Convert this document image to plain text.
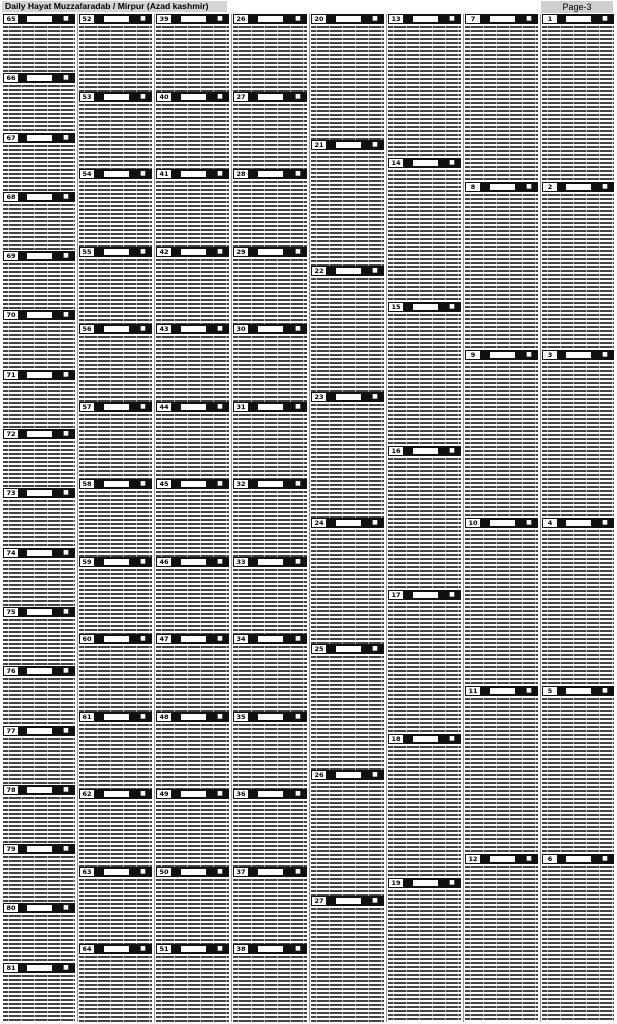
Daily Hayat Muzzafaradab / Mirpur (Azad kashmir)	Page-3
65	■
66	■
67	■
68	■
69	■
70	■
71	■
72	■
73	■
74	■
75	■
76	■
77	■
78	■
79	■
80	■
81	■
52	■
53	■
54	■
55	■
56	■
57	■
58	■
59	■
60	■
61	■
62	■
63	■
64	■
39	■
40	■
41	■
42	■
43	■
44	■
45	■
46	■
47	■
48	■
49	■
50	■
51	■
26	■
27	■
28	■
29	■
30	■
31	■
32	■
33	■
34	■
35	■
36	■
37	■
38	■
20	■
21	■
22	■
23	■
24	■
25	■
26	■
27	■
13	■
14	■
15	■
16	■
17	■
18	■
19	■
7	■
8	■
9	■
10	■
11	■
12	■
1	■
2	■
3	■
4	■
5	■
6	■
